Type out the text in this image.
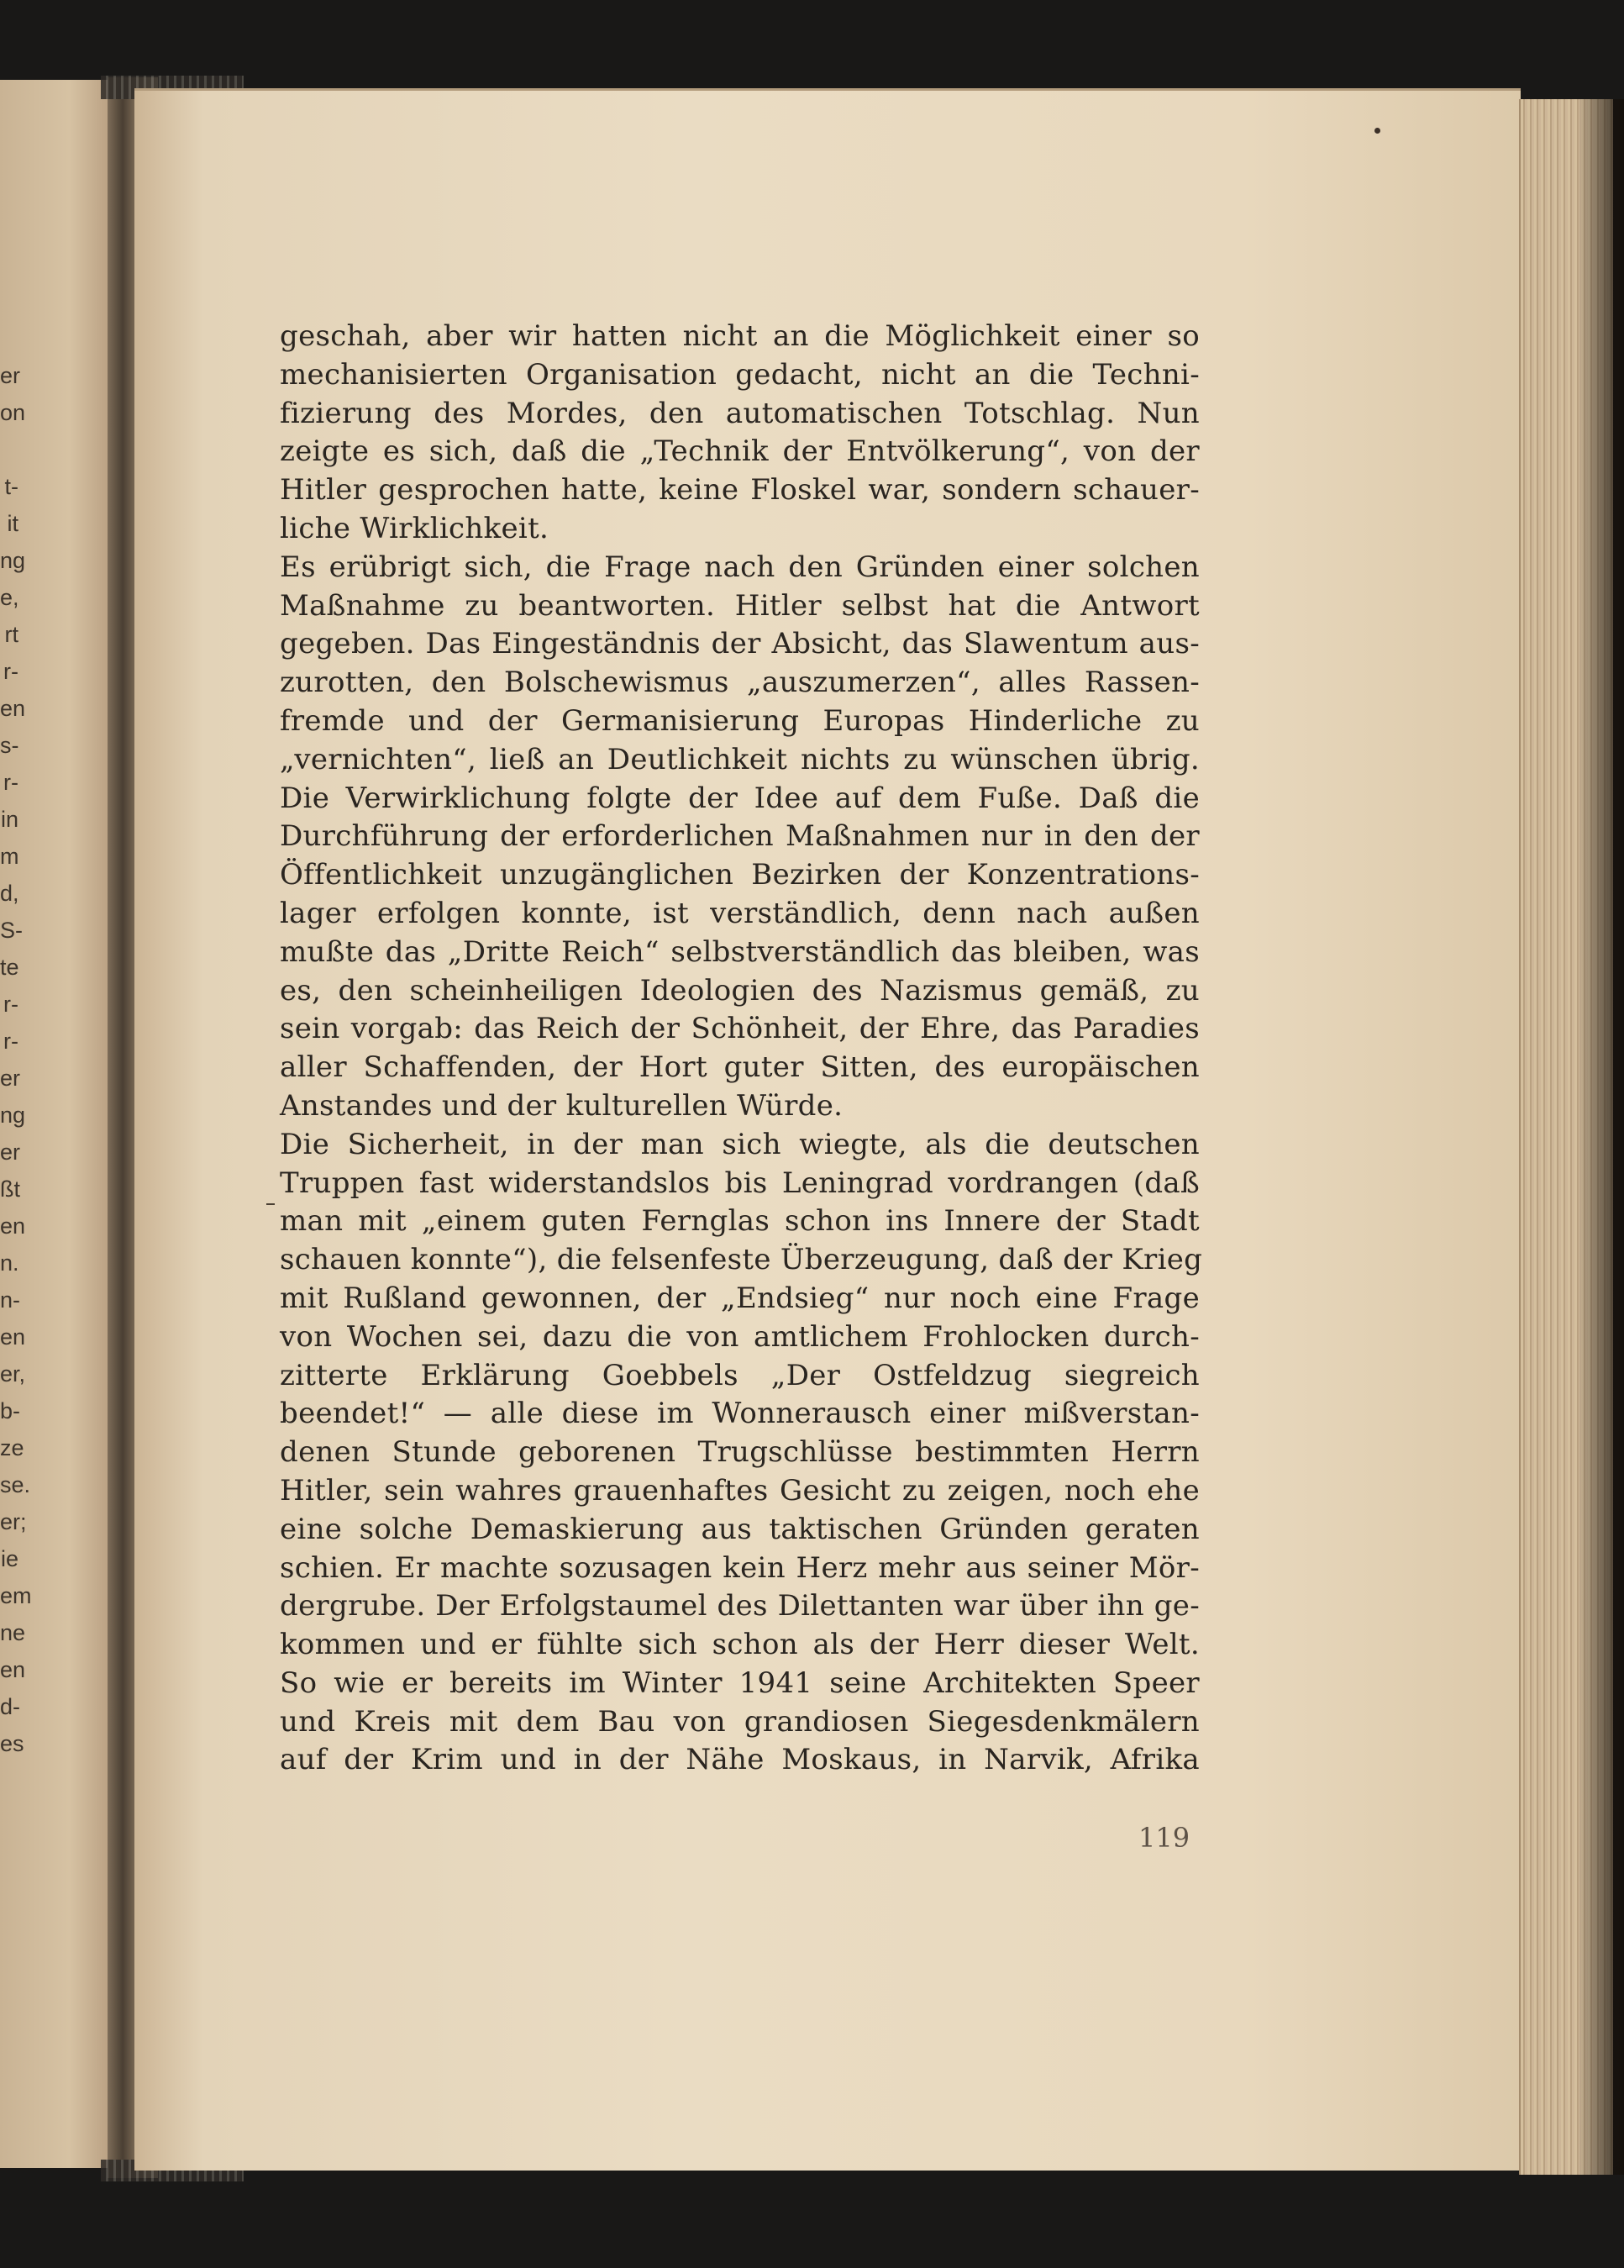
er
on
t-
it
ng
e,
rt
r-
en
s-
r-
in
m
d,
S-
te
r-
r-
er
ng
er
ßt
en
n.
n-
en
er,
b-
ze
se.
er;
ie
em
ne
en
d-
es
geschah, aber wir hatten nicht an die Möglichkeit einer so
mechanisierten Organisation gedacht, nicht an die Techni-
fizierung des Mordes, den automatischen Totschlag. Nun
zeigte es sich, daß die „Technik der Entvölkerung“, von der
Hitler gesprochen hatte, keine Floskel war, sondern schauer-
liche Wirklichkeit.
Es erübrigt sich, die Frage nach den Gründen einer solchen
Maßnahme zu beantworten. Hitler selbst hat die Antwort
gegeben. Das Eingeständnis der Absicht, das Slawentum aus-
zurotten, den Bolschewismus „auszumerzen“, alles Rassen-
fremde und der Germanisierung Europas Hinderliche zu
„vernichten“, ließ an Deutlichkeit nichts zu wünschen übrig.
Die Verwirklichung folgte der Idee auf dem Fuße. Daß die
Durchführung der erforderlichen Maßnahmen nur in den der
Öffentlichkeit unzugänglichen Bezirken der Konzentrations-
lager erfolgen konnte, ist verständlich, denn nach außen
mußte das „Dritte Reich“ selbstverständlich das bleiben, was
es, den scheinheiligen Ideologien des Nazismus gemäß, zu
sein vorgab: das Reich der Schönheit, der Ehre, das Paradies
aller Schaffenden, der Hort guter Sitten, des europäischen
Anstandes und der kulturellen Würde.
Die Sicherheit, in der man sich wiegte, als die deutschen
Truppen fast widerstandslos bis Leningrad vordrangen (daß
man mit „einem guten Fernglas schon ins Innere der Stadt
schauen konnte“), die felsenfeste Überzeugung, daß der Krieg
mit Rußland gewonnen, der „Endsieg“ nur noch eine Frage
von Wochen sei, dazu die von amtlichem Frohlocken durch-
zitterte Erklärung Goebbels „Der Ostfeldzug siegreich
beendet!“ — alle diese im Wonnerausch einer mißverstan-
denen Stunde geborenen Trugschlüsse bestimmten Herrn
Hitler, sein wahres grauenhaftes Gesicht zu zeigen, noch ehe
eine solche Demaskierung aus taktischen Gründen geraten
schien. Er machte sozusagen kein Herz mehr aus seiner Mör-
dergrube. Der Erfolgstaumel des Dilettanten war über ihn ge-
kommen und er fühlte sich schon als der Herr dieser Welt.
So wie er bereits im Winter 1941 seine Architekten Speer
und Kreis mit dem Bau von grandiosen Siegesdenkmälern
auf der Krim und in der Nähe Moskaus, in Narvik, Afrika
119
